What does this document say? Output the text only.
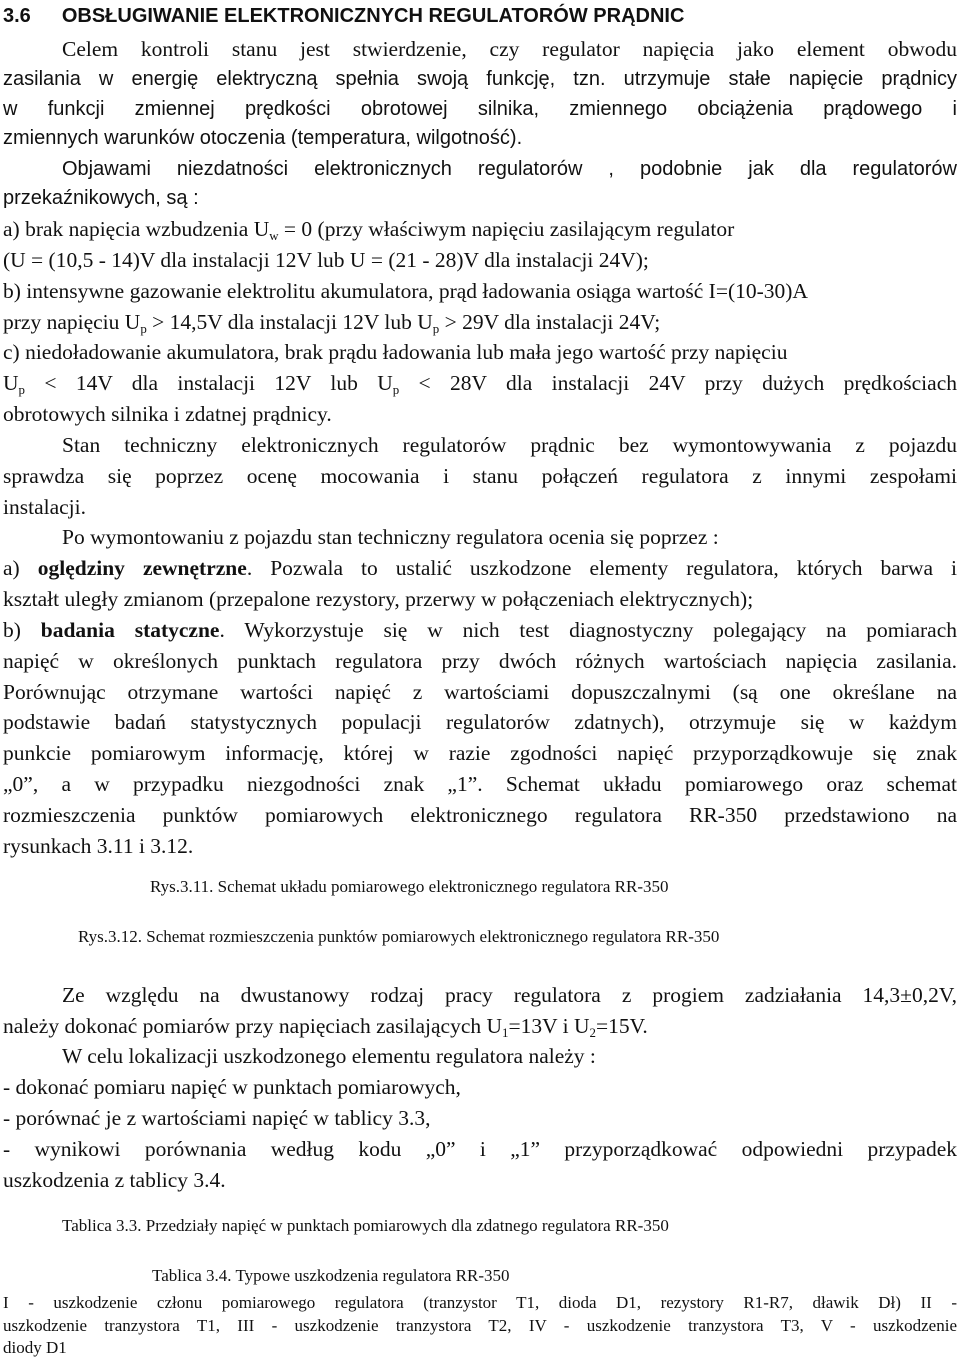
3.6 OBSŁUGIWANIE ELEKTRONICZNYCH REGULATORÓW PRĄDNIC
Celem kontroli stanu jest stwierdzenie, czy regulator napięcia jako element obwodu
zasilania w energię elektryczną spełnia swoją funkcję, tzn. utrzymuje stałe napięcie prądnicy
w funkcji zmiennej prędkości obrotowej silnika, zmiennego obciążenia prądowego i
zmiennych warunków otoczenia (temperatura, wilgotność).
Objawami niezdatności elektronicznych regulatorów , podobnie jak dla regulatorów
przekaźnikowych, są :
a) brak napięcia wzbudzenia $U_w = 0$ (przy właściwym napięciu zasilającym regulator
(U = (10,5 - 14)V dla instalacji 12V lub U = (21 - 28)V dla instalacji 24V);
b) intensywne gazowanie elektrolitu akumulatora, prąd ładowania osiąga wartość I=(10-30)A
przy napięciu $U_p > 14,5V$ dla instalacji 12V lub $U_p > 29V$ dla instalacji 24V;
c) niedoładowanie akumulatora, brak prądu ładowania lub mała jego wartość przy napięciu
$U_p < 14V$ dla instalacji 12V lub $U_p < 28V$ dla instalacji 24V przy dużych prędkościach
obrotowych silnika i zdatnej prądnicy.
Stan techniczny elektronicznych regulatorów prądnic bez wymontowywania z pojazdu
sprawdza się poprzez ocenę mocowania i stanu połączeń regulatora z innymi zespołami
instalacji.
Po wymontowaniu z pojazdu stan techniczny regulatora ocenia się poprzez :
a) oględziny zewnętrzne. Pozwala to ustalić uszkodzone elementy regulatora, których barwa i
kształt uległy zmianom (przepalone rezystory, przerwy w połączeniach elektrycznych);
b) badania statyczne. Wykorzystuje się w nich test diagnostyczny polegający na pomiarach
napięć w określonych punktach regulatora przy dwóch różnych wartościach napięcia zasilania.
Porównując otrzymane wartości napięć z wartościami dopuszczalnymi (są one określane na
podstawie badań statystycznych populacji regulatorów zdatnych), otrzymuje się w każdym
punkcie pomiarowym informację, której w razie zgodności napięć przyporządkowuje się znak
„0”, a w przypadku niezgodności znak „1”. Schemat układu pomiarowego oraz schemat
rozmieszczenia punktów pomiarowych elektronicznego regulatora RR-350 przedstawiono na
rysunkach 3.11 i 3.12.
Rys.3.11. Schemat układu pomiarowego elektronicznego regulatora RR-350
Rys.3.12. Schemat rozmieszczenia punktów pomiarowych elektronicznego regulatora RR-350
Ze względu na dwustanowy rodzaj pracy regulatora z progiem zadziałania 14,3±0,2V,
należy dokonać pomiarów przy napięciach zasilających $U_1=13V$ i $U_2=15V$.
W celu lokalizacji uszkodzonego elementu regulatora należy :
- dokonać pomiaru napięć w punktach pomiarowych,
- porównać je z wartościami napięć w tablicy 3.3,
- wynikowi porównania według kodu „0” i „1” przyporządkować odpowiedni przypadek
uszkodzenia z tablicy 3.4.
Tablica 3.3. Przedziały napięć w punktach pomiarowych dla zdatnego regulatora RR-350
Tablica 3.4. Typowe uszkodzenia regulatora RR-350
I - uszkodzenie członu pomiarowego regulatora (tranzystor T1, dioda D1, rezystory R1-R7, dławik Dł) II -
uszkodzenie tranzystora T1, III - uszkodzenie tranzystora T2, IV - uszkodzenie tranzystora T3, V - uszkodzenie
diody D1
